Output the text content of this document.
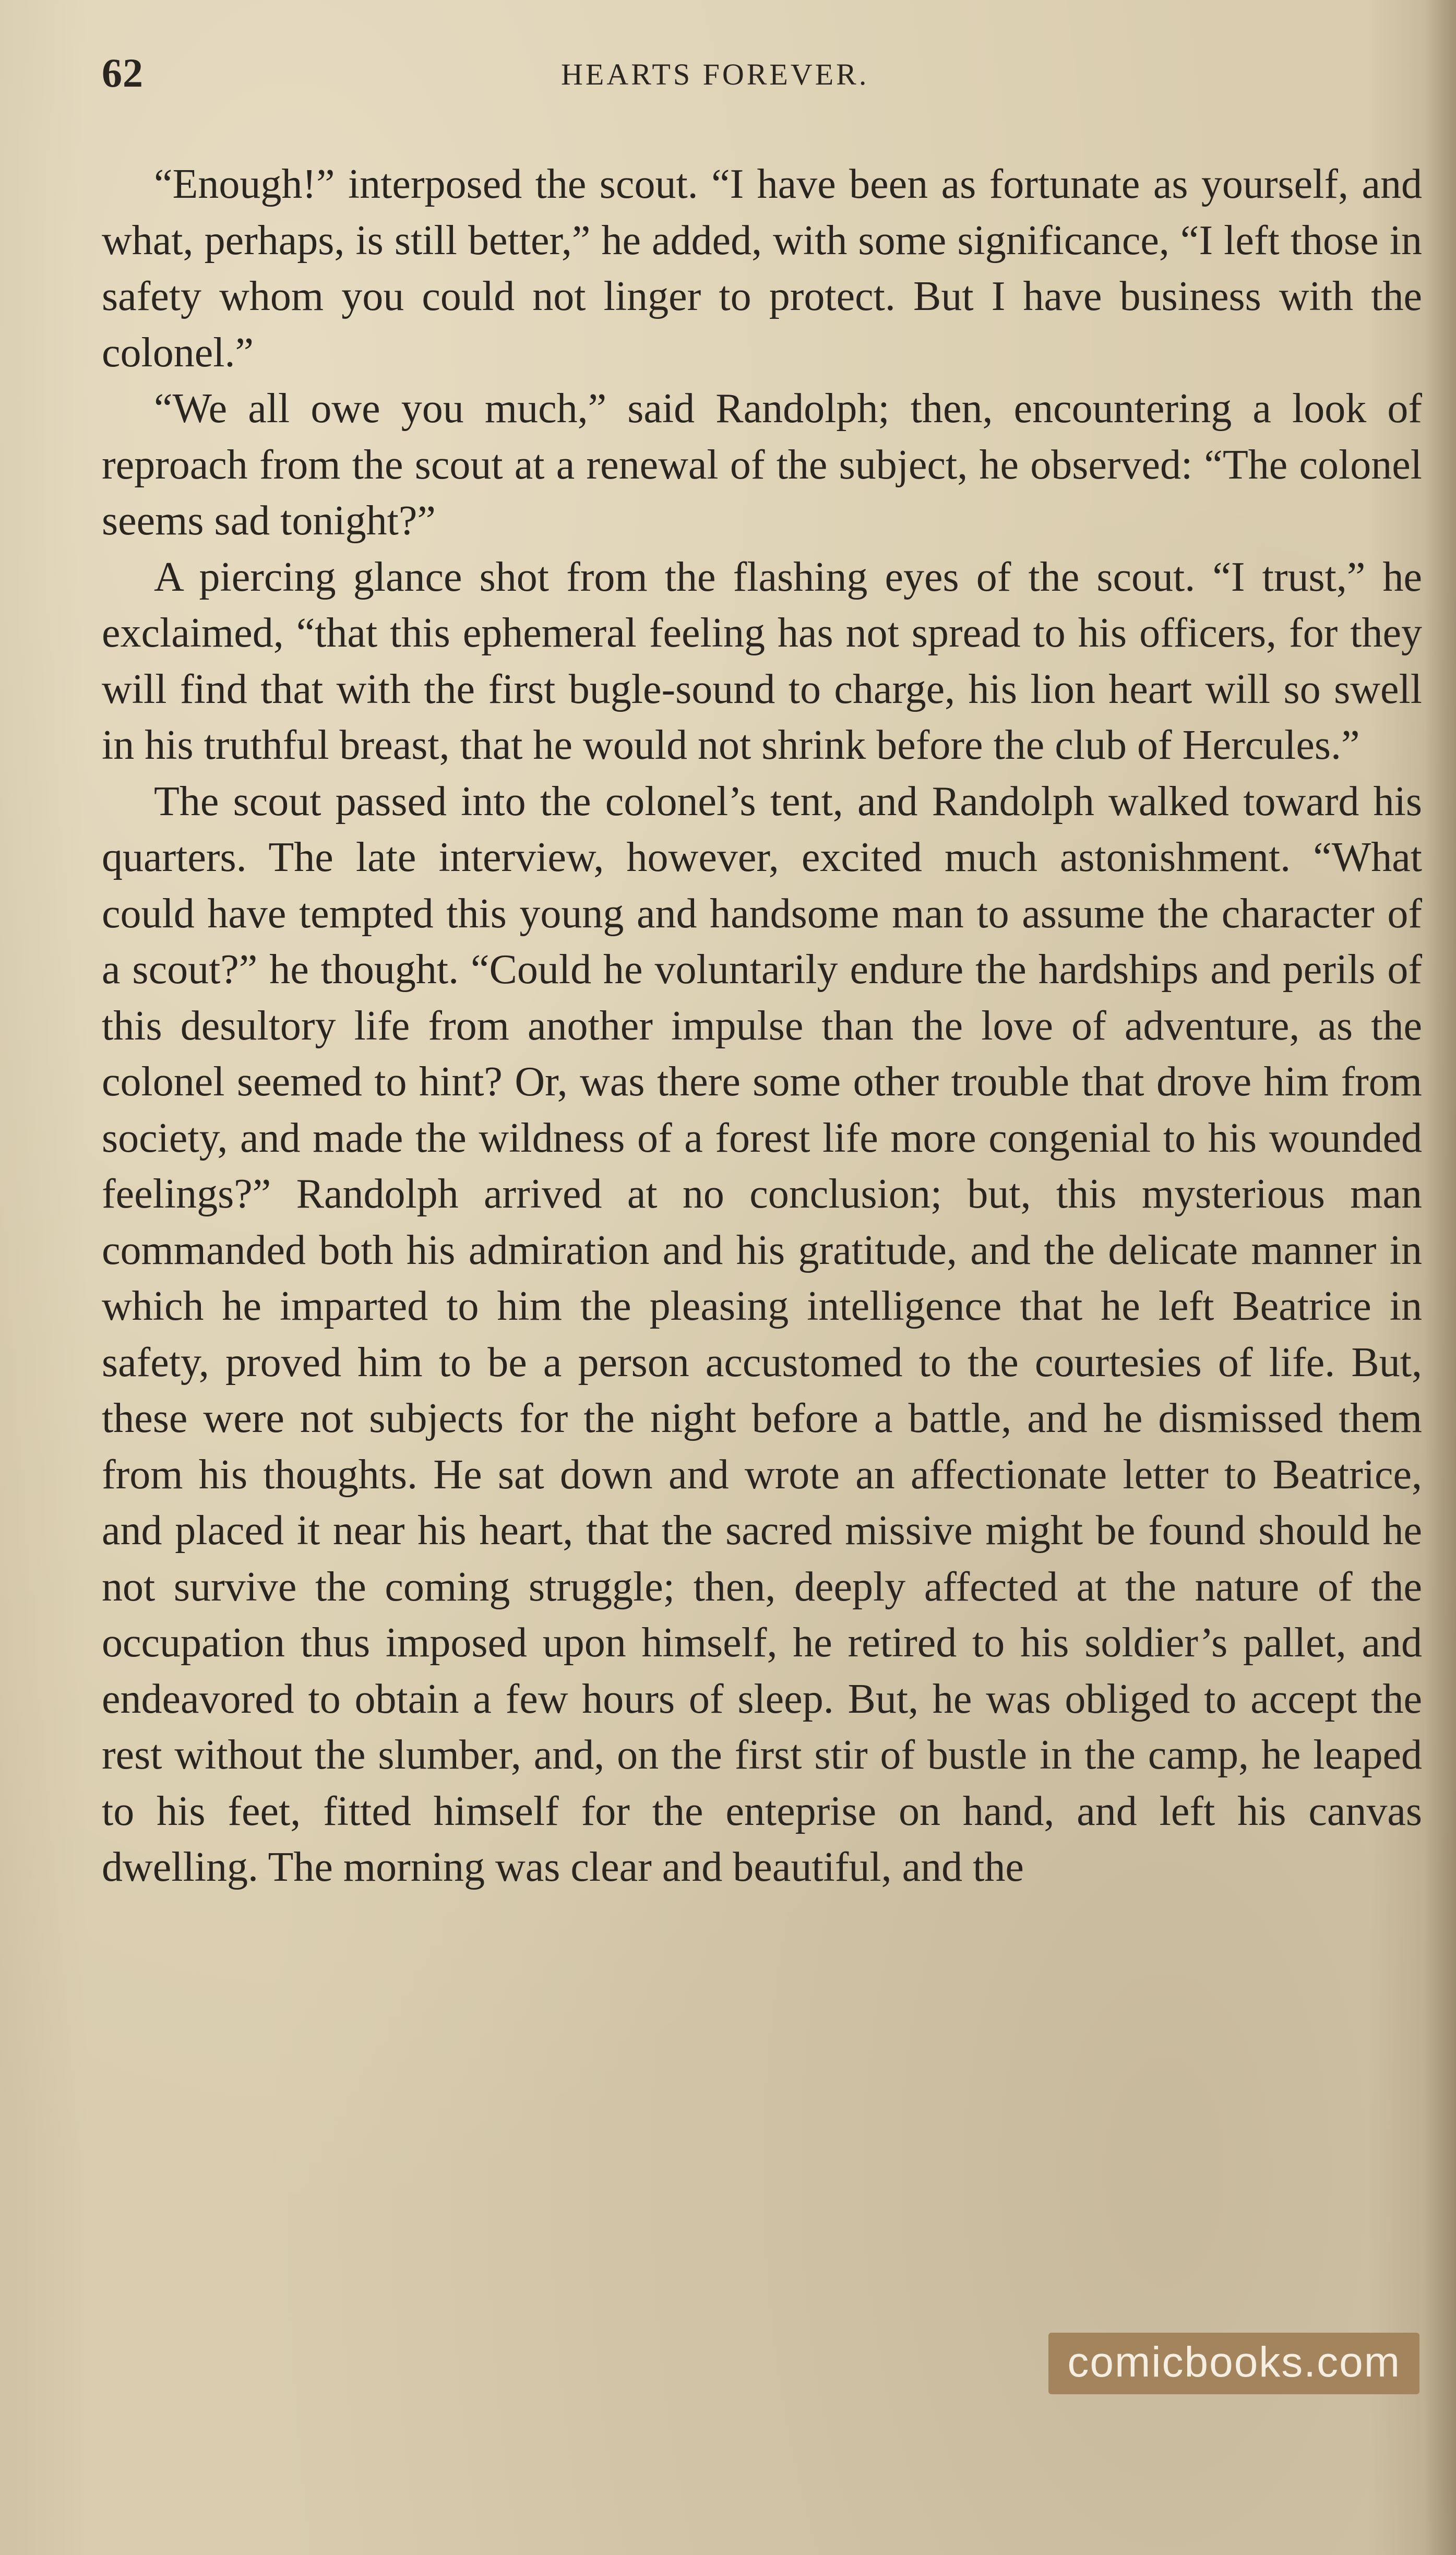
62	HEARTS FOREVER.

“Enough!” interposed the scout. “I have been as fortunate as yourself, and what, perhaps, is still better,” he added, with some significance, “I left those in safety whom you could not linger to protect. But I have business with the colonel.”

“We all owe you much,” said Randolph; then, encountering a look of reproach from the scout at a renewal of the subject, he observed: “The colonel seems sad tonight?”

A piercing glance shot from the flashing eyes of the scout. “I trust,” he exclaimed, “that this ephemeral feeling has not spread to his officers, for they will find that with the first bugle-sound to charge, his lion heart will so swell in his truthful breast, that he would not shrink before the club of Hercules.”

The scout passed into the colonel’s tent, and Randolph walked toward his quarters. The late interview, however, excited much astonishment. “What could have tempted this young and handsome man to assume the character of a scout?” he thought. “Could he voluntarily endure the hardships and perils of this desultory life from another impulse than the love of adventure, as the colonel seemed to hint? Or, was there some other trouble that drove him from society, and made the wildness of a forest life more congenial to his wounded feelings?” Randolph arrived at no conclusion; but, this mysterious man commanded both his admiration and his gratitude, and the delicate manner in which he imparted to him the pleasing intelligence that he left Beatrice in safety, proved him to be a person accustomed to the courtesies of life. But, these were not subjects for the night before a battle, and he dismissed them from his thoughts. He sat down and wrote an affectionate letter to Beatrice, and placed it near his heart, that the sacred missive might be found should he not survive the coming struggle; then, deeply affected at the nature of the occupation thus imposed upon himself, he retired to his soldier’s pallet, and endeavored to obtain a few hours of sleep. But, he was obliged to accept the rest without the slumber, and, on the first stir of bustle in the camp, he leaped to his feet, fitted himself for the enteprise on hand, and left his canvas dwelling. The morning was clear and beautiful, and the

comicbooks.com
